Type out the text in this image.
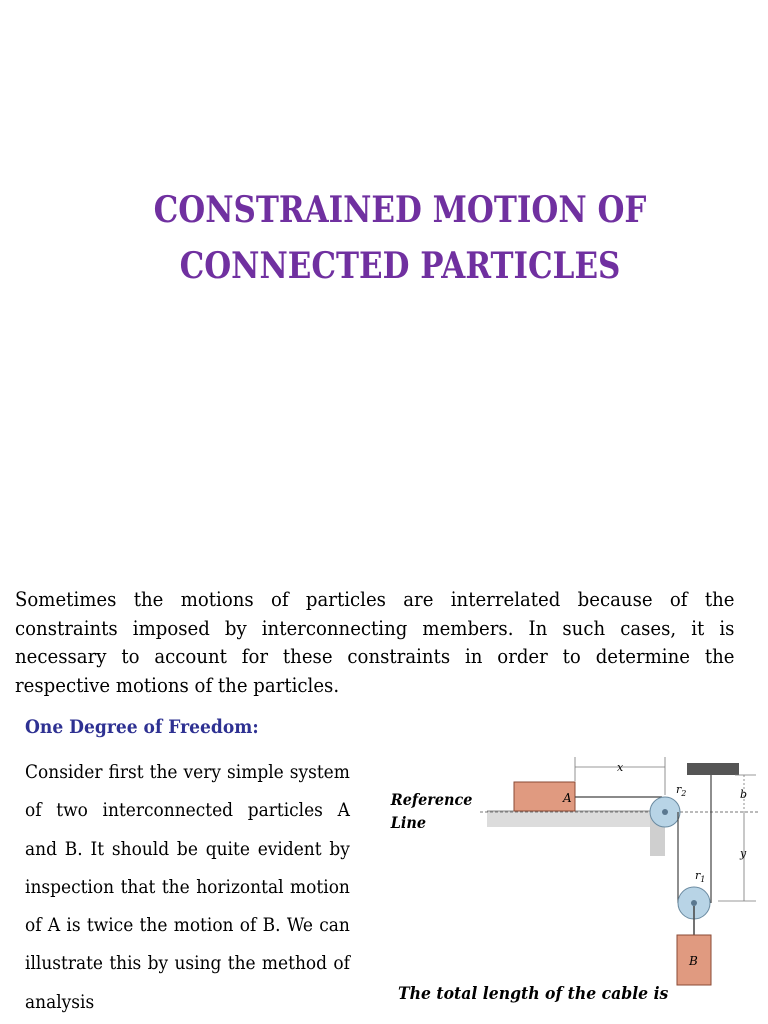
CONSTRAINED MOTION OF
CONNECTED PARTICLES

Sometimes the motions of particles are interrelated because of the constraints imposed by interconnecting members. In such cases, it is necessary to account for these constraints in order to determine the respective motions of the particles.

One Degree of Freedom:

Consider first the very simple system of two interconnected particles A and B. It should be quite evident by inspection that the horizontal motion of A is twice the motion of B. We can illustrate this by using the method of analysis

A
B
x
$r_2$
$r_1$
b
y
Reference Line

The total length of the cable is
